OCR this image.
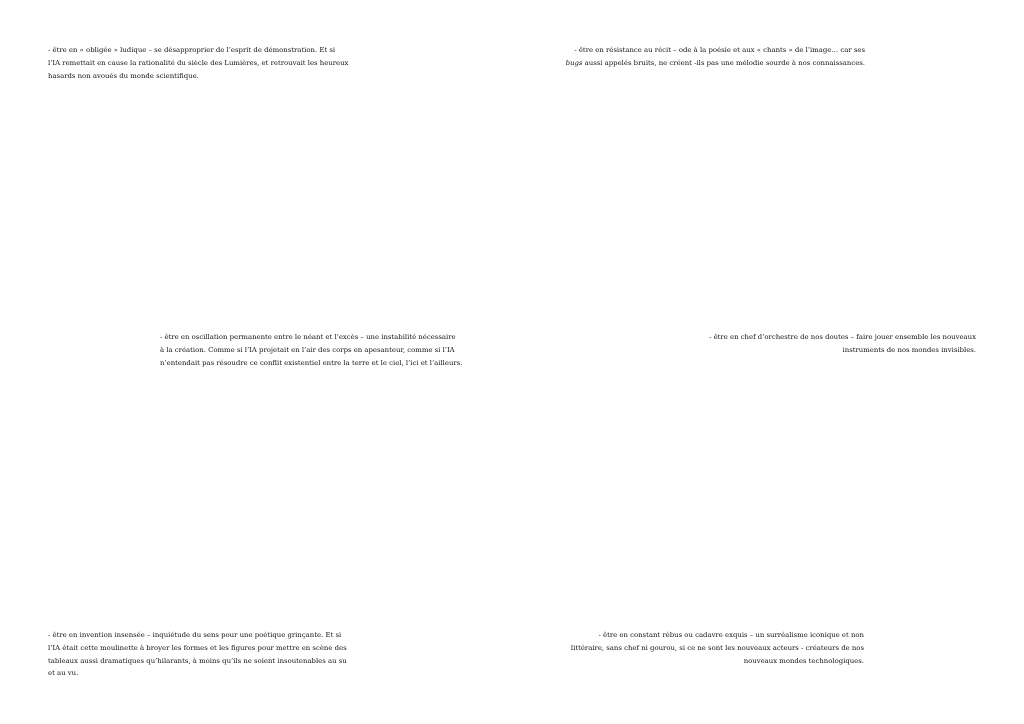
- être en « obligée » ludique – se désapproprier de l’esprit de démonstration. Et si
l’IA remettait en cause la rationalité du siècle des Lumières, et retrouvait les heureux
hasards non avoués du monde scientifique.

- être en résistance au récit – ode à la poésie et aux « chants » de l’image… car ses
bugs aussi appelés bruits, ne créent -ils pas une mélodie sourde à nos connaissances.

- être en oscillation permanente entre le néant et l’excès – une instabilité nécessaire
à la création. Comme si l’IA projetait en l’air des corps en apesanteur, comme si l’IA
n’entendait pas résoudre ce conflit existentiel entre la terre et le ciel, l’ici et l’ailleurs.

- être en chef d’orchestre de nos doutes – faire jouer ensemble les nouveaux
instruments de nos mondes invisibles.

- être en invention insensée – inquiétude du sens pour une poétique grinçante. Et si
l’IA était cette moulinette à broyer les formes et les figures pour mettre en scène des
tableaux aussi dramatiques qu’hilarants, à moins qu’ils ne soient insoutenables au su
et au vu.

- être en constant rébus ou cadavre exquis – un surréalisme iconique et non
littéraire, sans chef ni gourou, si ce ne sont les nouveaux acteurs - créateurs de nos
nouveaux mondes technologiques.
